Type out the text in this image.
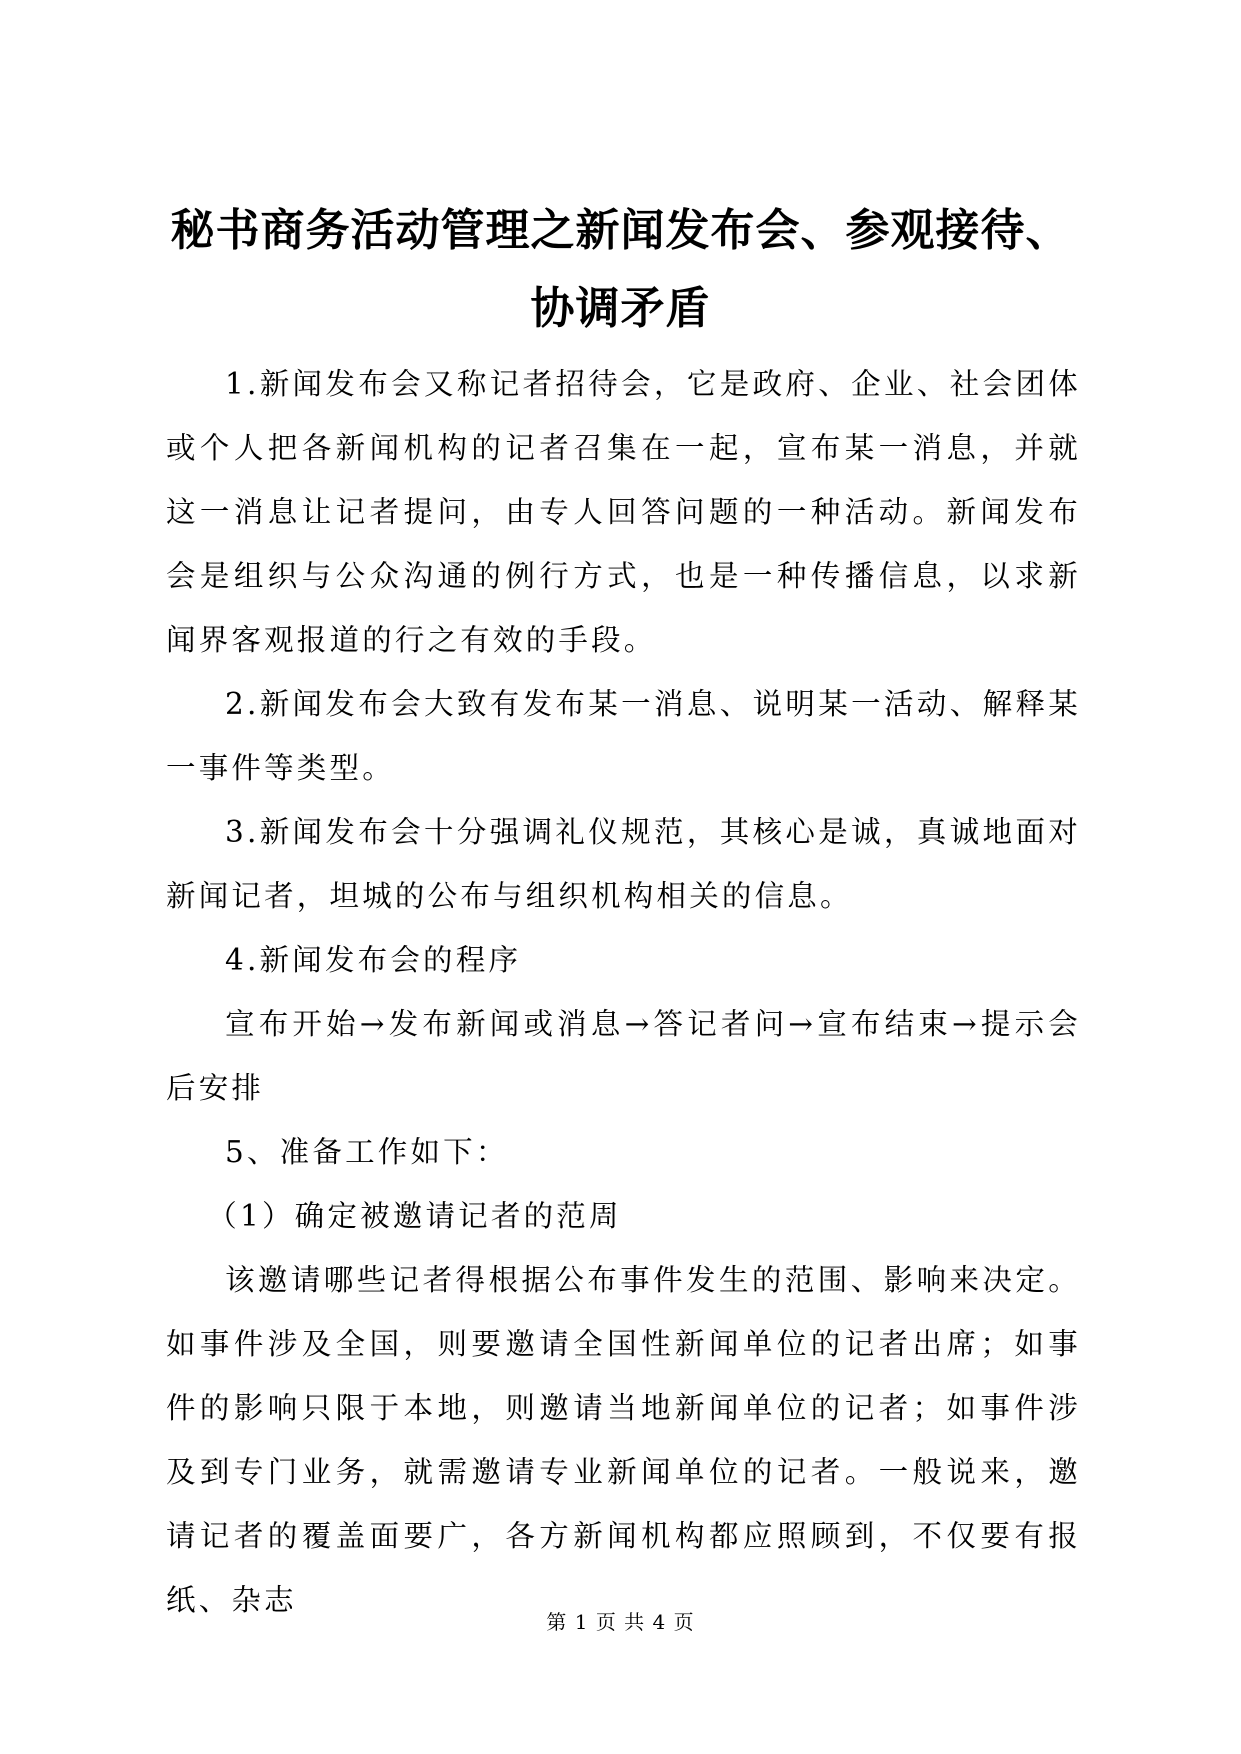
秘书商务活动管理之新闻发布会、参观接待、协调矛盾

1.新闻发布会又称记者招待会，它是政府、企业、社会团体或个人把各新闻机构的记者召集在一起，宣布某一消息，并就这一消息让记者提问，由专人回答问题的一种活动。新闻发布会是组织与公众沟通的例行方式，也是一种传播信息，以求新闻界客观报道的行之有效的手段。

2.新闻发布会大致有发布某一消息、说明某一活动、解释某一事件等类型。

3.新闻发布会十分强调礼仪规范，其核心是诚，真诚地面对新闻记者，坦城的公布与组织机构相关的信息。

4.新闻发布会的程序

宣布开始→发布新闻或消息→答记者问→宣布结束→提示会后安排

5、准备工作如下：

（1）确定被邀请记者的范周

该邀请哪些记者得根据公布事件发生的范围、影响来决定。如事件涉及全国，则要邀请全国性新闻单位的记者出席；如事件的影响只限于本地，则邀请当地新闻单位的记者；如事件涉及到专门业务，就需邀请专业新闻单位的记者。一般说来，邀请记者的覆盖面要广，各方新闻机构都应照顾到，不仅要有报纸、杂志

第 1 页 共 4 页
